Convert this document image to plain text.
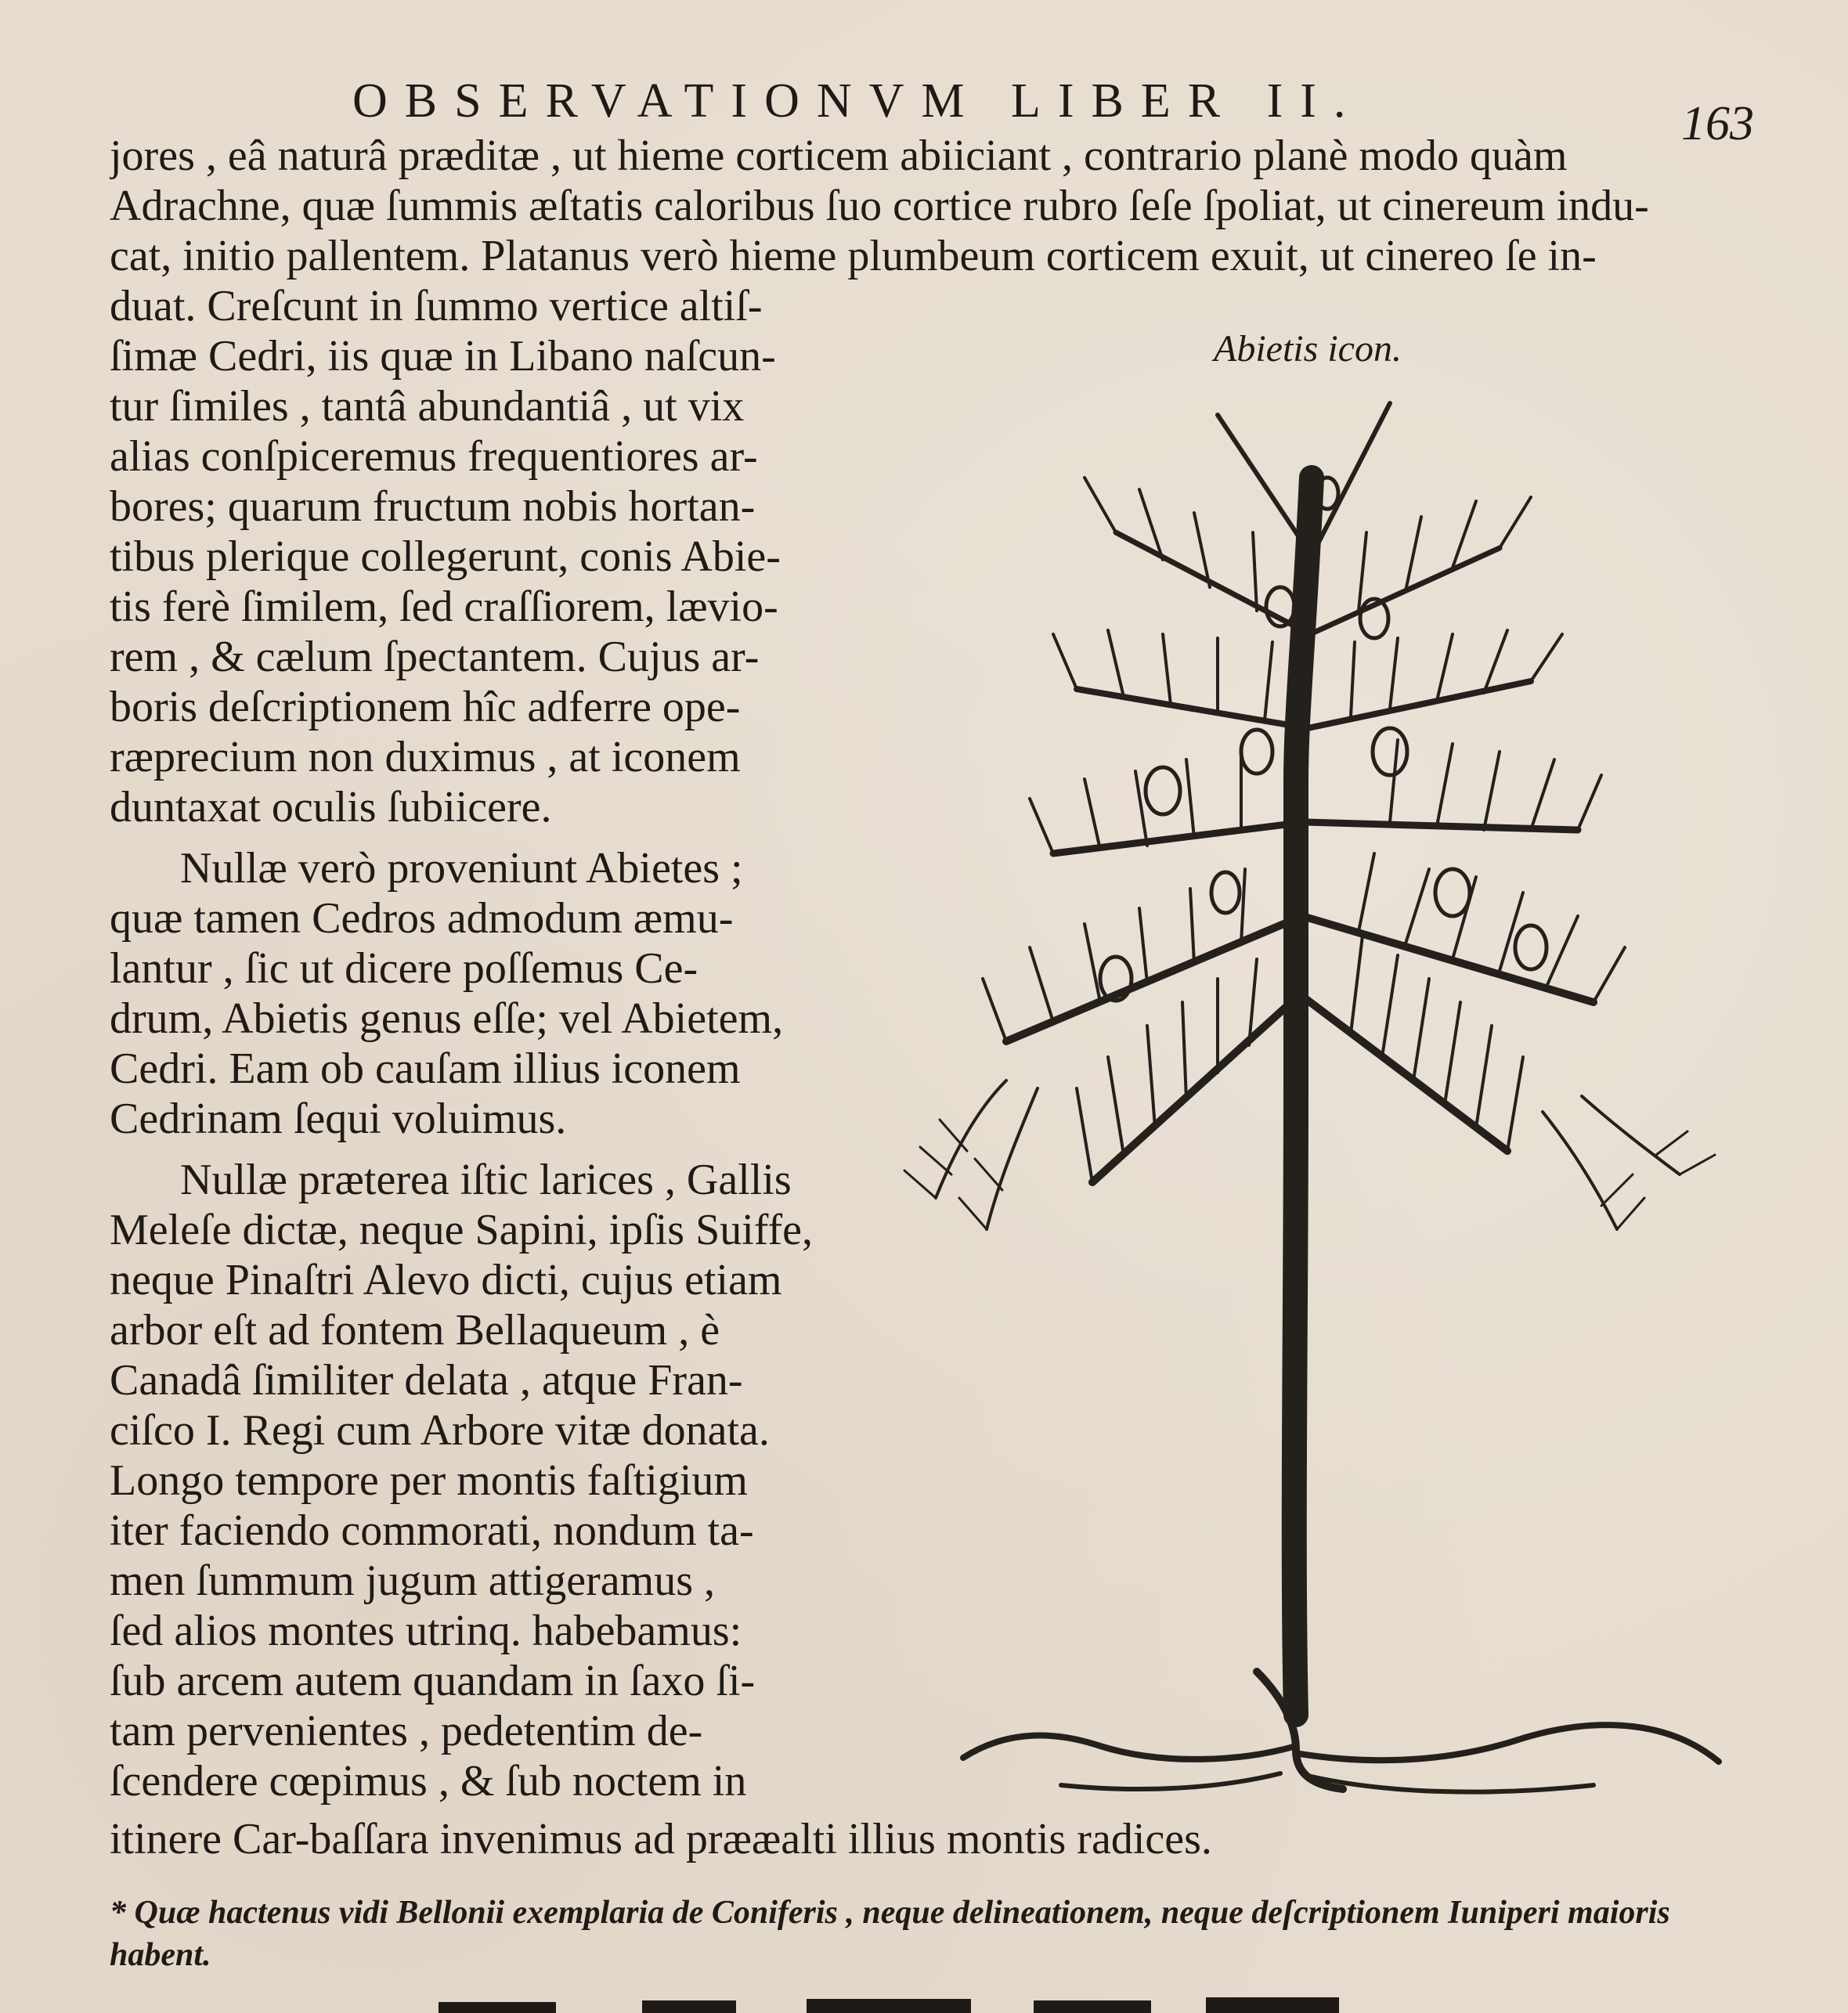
OBSERVATIONVM LIBER II.	163
jores , eâ naturâ præditæ , ut hieme corticem abiiciant , contrario planè modo quàm
Adrachne, quæ ſummis æſtatis caloribus ſuo cortice rubro ſeſe ſpoliat, ut cinereum indu-
cat, initio pallentem. Platanus verò hieme plumbeum corticem exuit, ut cinereo ſe in-
duat. Creſcunt in ſummo vertice altiſ-
ſimæ Cedri, iis quæ in Libano naſcun-
tur ſimiles , tantâ abundantiâ , ut vix
alias conſpiceremus frequentiores ar-
bores; quarum fructum nobis hortan-
tibus plerique collegerunt, conis Abie-
tis ferè ſimilem, ſed craſſiorem, lævio-
rem , & cælum ſpectantem. Cujus ar-
boris deſcriptionem hîc adferre ope-
ræprecium non duximus , at iconem
duntaxat oculis ſubiicere.
Nullæ verò proveniunt Abietes ;
quæ tamen Cedros admodum æmu-
lantur , ſic ut dicere poſſemus Ce-
drum, Abietis genus eſſe; vel Abietem,
Cedri. Eam ob cauſam illius iconem
Cedrinam ſequi voluimus.
Nullæ præterea iſtic larices , Gallis
Meleſe dictæ, neque Sapini, ipſis Suiffe,
neque Pinaſtri Alevo dicti, cujus etiam
arbor eſt ad fontem Bellaqueum , è
Canadâ ſimiliter delata , atque Fran-
ciſco I. Regi cum Arbore vitæ donata.
Longo tempore per montis faſtigium
iter faciendo commorati, nondum ta-
men ſummum jugum attigeramus ,
ſed alios montes utrinq. habebamus:
ſub arcem autem quandam in ſaxo ſi-
tam pervenientes , pedetentim de-
ſcendere cœpimus , & ſub noctem in
itinere Car-baſſara invenimus ad prææalti illius montis radices.
Abietis icon.
* Quæ hactenus vidi Bellonii exemplaria de Coniferis , neque delineationem, neque deſcriptionem Iuniperi maioris
habent.
